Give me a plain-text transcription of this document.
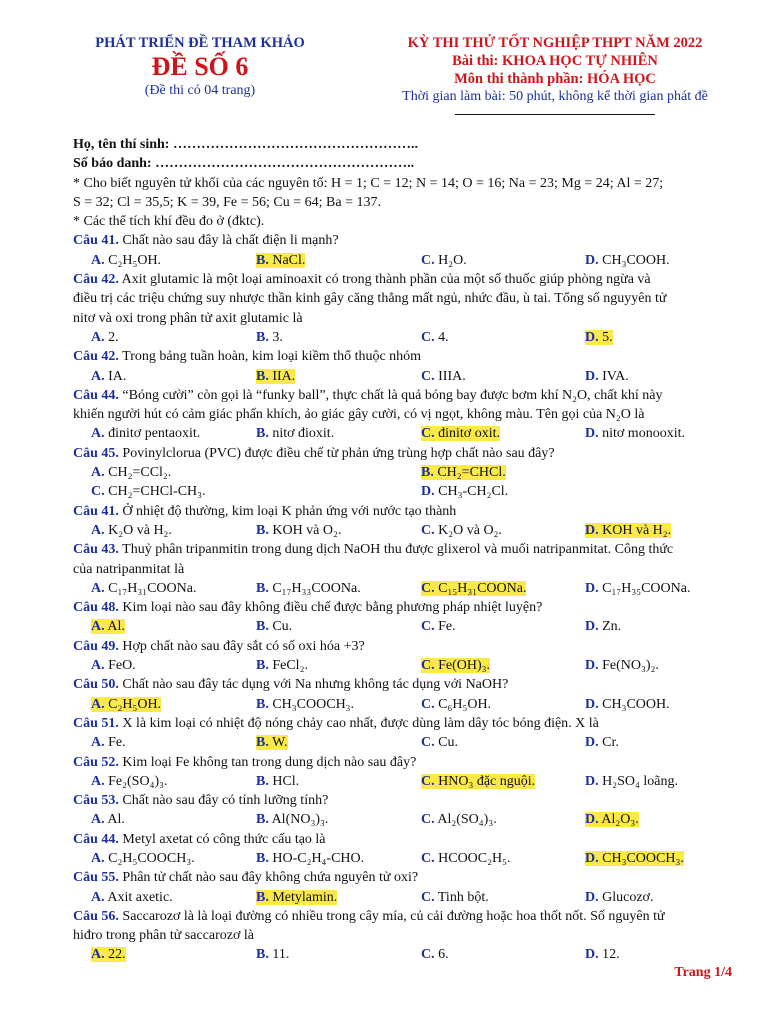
PHÁT TRIỂN ĐỀ THAM KHẢO
ĐỀ SỐ 6
(Đề thi có 04 trang)
KỲ THI THỬ TỐT NGHIỆP THPT NĂM 2022
Bài thi: KHOA HỌC TỰ NHIÊN
Môn thi thành phần: HÓA HỌC
Thời gian làm bài: 50 phút, không kể thời gian phát đề
Họ, tên thí sinh: ……………………………………………..
Số báo danh: ………………………………………………..
* Cho biết nguyên tử khối của các nguyên tố: H = 1; C = 12; N = 14; O = 16; Na = 23; Mg = 24; Al = 27;
S = 32; Cl = 35,5; K = 39, Fe = 56; Cu = 64; Ba = 137.
* Các thể tích khí đều đo ở (đktc).
Câu 41. Chất nào sau đây là chất điện li mạnh?
A. C₂H₅OH.	B. NaCl.	C. H₂O.	D. CH₃COOH.
Câu 42. Axit glutamic là một loại aminoaxit có trong thành phần của một số thuốc giúp phòng ngừa và
điều trị các triệu chứng suy nhược thần kinh gây căng thẳng mất ngủ, nhức đầu, ù tai. Tổng số nguyyên tử
nitơ và oxi trong phân tử axit glutamic là
A. 2.	B. 3.	C. 4.	D. 5.
Câu 42. Trong bảng tuần hoàn, kim loại kiềm thổ thuộc nhóm
A. IA.	B. IIA.	C. IIIA.	D. IVA.
Câu 44. “Bóng cười” còn gọi là “funky ball”, thực chất là quả bóng bay được bơm khí N₂O, chất khí này
khiến người hút có cảm giác phấn khích, ảo giác gây cười, có vị ngọt, không màu. Tên gọi của N₂O là
A. đinitơ pentaoxit.	B. nitơ đioxit.	C. đinitơ oxit.	D. nitơ monooxit.
Câu 45. Povinylclorua (PVC) được điều chế từ phản ứng trùng hợp chất nào sau đây?
A. CH₂=CCl₂.	B. CH₂=CHCl.
C. CH₂=CHCl-CH₃.	D. CH₃-CH₂Cl.
Câu 41. Ở nhiệt độ thường, kim loại K phản ứng với nước tạo thành
A. K₂O và H₂.	B. KOH và O₂.	C. K₂O và O₂.	D. KOH và H₂.
Câu 43. Thuỷ phân tripanmitin trong dung dịch NaOH thu được glixerol và muối natripanmitat. Công thức
của natripanmitat là
A. C₁₇H₃₁COONa.	B. C₁₇H₃₃COONa.	C. C₁₅H₃₁COONa.	D. C₁₇H₃₅COONa.
Câu 48. Kim loại nào sau đây không điều chế được bằng phương pháp nhiệt luyện?
A. Al.	B. Cu.	C. Fe.	D. Zn.
Câu 49. Hợp chất nào sau đây sắt có số oxi hóa +3?
A. FeO.	B. FeCl₂.	C. Fe(OH)₃.	D. Fe(NO₃)₂.
Câu 50. Chất nào sau đây tác dụng với Na nhưng không tác dụng với NaOH?
A. C₂H₅OH.	B. CH₃COOCH₃.	C. C₆H₅OH.	D. CH₃COOH.
Câu 51. X là kim loại có nhiệt độ nóng chảy cao nhất, được dùng làm dây tóc bóng điện. X là
A. Fe.	B. W.	C. Cu.	D. Cr.
Câu 52. Kim loại Fe không tan trong dung dịch nào sau đây?
A. Fe₂(SO₄)₃.	B. HCl.	C. HNO₃ đặc nguội.	D. H₂SO₄ loãng.
Câu 53. Chất nào sau đây có tính lưỡng tính?
A. Al.	B. Al(NO₃)₃.	C. Al₂(SO₄)₃.	D. Al₂O₃.
Câu 44. Metyl axetat có công thức cấu tạo là
A. C₂H₅COOCH₃.	B. HO-C₂H₄-CHO.	C. HCOOC₂H₅.	D. CH₃COOCH₃.
Câu 55. Phân tử chất nào sau đây không chứa nguyên tử oxi?
A. Axit axetic.	B. Metylamin.	C. Tinh bột.	D. Glucozơ.
Câu 56. Saccarozơ là là loại đường có nhiều trong cây mía, củ cải đường hoặc hoa thốt nốt. Số nguyên tử
hiđro trong phân tử saccarozơ là
A. 22.	B. 11.	C. 6.	D. 12.
Trang 1/4
